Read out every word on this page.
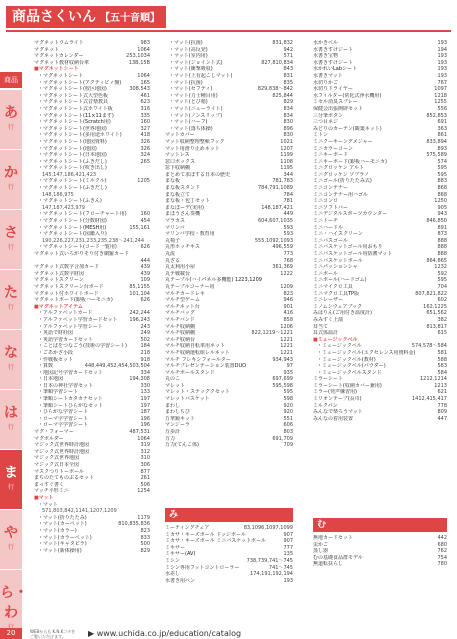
商品さくいん 【五十音順】
商品
あ
行
か
行
さ
行
た
行
な
行
は
行
ま
行
や
行
ら・わ
マグネットウムライト	983
マグネット	1064
マグネットカレンダー	253,1034
マグネット教材収納台車	13B,15B
■マグネットシート
・マグネットシート	1064
・マグネットシート(アクティビィ盤)	165
・マグネットシート(校区地図)	308,543
・マグネットシート式大型色板	461
・マグネットシート式音楽教具	623
・マグネットシート式ホワイト板	316
・マグネットシート(11×11ます)	335
・マグネットシート(Scratch用)	160
・マグネットシート(世界地図)	327
・マグネットシート(多用途ホワイト)	418
・マグネットシート(地図資料)	326
・マグネットシート(地図)	326
・マグネットシート(日本地図)	324
・マグネットシート(ふきだし)	265
・マグネットシート(吹き出し)
145,147,186,421,423
・マグネットシート(ミルクル)	1205
・マグネットシート(ふきだし)
148,186,975
・マグネットシート(ふきん)
147,187,423,979
・マグネットシート(フローチャート用)	160
・マグネットシート(分数財図)	454
・マグネットシート(MESH用)	155,161
・マグネットシート(図鑑入り)
190,226,227,231,233,235,238〜241,244
・マグネットシート(コード一覧用)	626
マグネット式いろがりそり付き網羅カード
444
マグネット式数字合加カード	439
マグネット式数字財図	439
マグネットスクリーン	109
マグネットスクリーン台ボード	85,1155
マグネット付ホワイトボード	101,104
マグネットボード(銀板ハーモニカ)	626
■マグネットアイテム
・アルファベットカード	242,244
・アルファベット学習カードセット	196,243
・アルファベット学習シート	243
・英語で財経図	249
・英語学習カードセット	502
・ことばをつなごう(技術の学習シート)	184
・ごあかざ小段	218
・作戦板セット	918
・算数	448,449,452,454,503,504
・地図記号学習カードセット	334
・日本地図	194,308
・日本の神社学習セット	330
・筆順学習シート	133
・筆順シートカタカナセット	197
・筆順シートひらがなセット	197
・ひらがな学習シート	187
・ローマ字学習シート	196
・ローマ字学習シート	196
マグ・フォーマー	487,531
マグボルダー	1064
マジック式世界時計地図	319
マジック式世界時計地図	312
マジック式世界地図	310
マジック式日本全図	306
マスクつりトーボール	877
まちのたてものぶるセット	261
まっすぐ書く	506
マッチ平形ミニ	1254
■マット
・マット
571,803,842,1141,1207,1209
・マット(折りたたみ)	1179
・マット(カーペット)	810,835,836
・マット(カラー)	823
・マット(カラーベット)	833
・マット(キャタピラ)	500
・マット(新体操用)	829
・マット(抗菌)	831,832
・マット(高反発)	942
・マット(室内用)	571
・マット(ジョイント式)	827,810,834
・マット(衝撃吸収)	843
・マット(上有起こしマット)	831
・マット(抗菌)	835
・マット(セフティ)	829,838〜842
・マット(力士種目用)	825,844
・マット(とび箱)	829
・マット(ニューライト)	834
・マット(ノンスリップ)	834
・マット(ハーフ)	830
・マット(落ち体操)	896
マットカバー	830
マット収納整理整頓フック	1021
マット用滑り止めネット	1207
マットレス	1199
窓口ボックス	1108
窓下収納棚	1195
まとめて求ぼする日本の歴史	344
まな板	781,783
まな板スタンド	784,791,1089
まな板立て	784
まな板・包丁セット	781
まなぼーデ(実用)	148,187,421
まほうさん奏機	449
マラカス	604,607,1035
マリンバ	593
マリンバ学校・教育用	593
丸椅子	555,1092,1093
丸形ホッチキス	496,559
丸流	773
丸ざる	768
丸太利用小屋	361,369
丸テ戦載台	1222
丸テーブル(ハイパネル多機能) 1223,1209
丸テーブルコーナー用	1209
マルチカードレキ	823
マルチ型ゲーム	946
マルチネット台	901
マルチバッグ	416
マルチバンド	858
マルチ収納棚	1206
マルチ収納棚	822,1219〜1221
マルチ収納台	1221
マルチ収納自転車用ネット	1221
マルチ収納運転組レルネット	1221
マルチ フレキシフォールター	934,943
マルチプレゼンテーション装置DUO	97
マルチポールスタンド	935
丸のこ	697,699
マレット	595,598
マレット・ステッククセット	595
マレットバスケット	598
まわし	920
まわしちび	920
万華鏡キット	551
マンジーラ	606
万歩計	803
万力	691,709
万力(てんこ体)	709
水かきベル	193
水書きすけジート	194
水書き宝物	193
水書きすけジート	193
水かれいLabシート	193
水書きマット	193
水切りかご	767
水切りドライヤー	1097
水フィルター(常化式浄水機用)	1218
ミセル消臭スプレー	1255
保健会出張開辟セット	556
三分筆ボタン	852,853
三つ目ネジ	691
みどりのカーテン(観葉ネット)	363
ミトン	861
ミニクーキーングメジャー	833,894
ミニカラーコーン	893
ミニキーボード	575,589
ミニキーボード(銀板ハーモニカ)	574
ミニグロッケン アルト	595
ミニグロッケン ソプラノ	595
ミニゴール(折りたたみ式)	883
ミニコンテナー	868
ミニコンテナー用ハゴル	868
ミニコンロ	1250
ミニソフトバー	905
ミニデジタルスポーツカウンター	943
ミニトーチ	846,850
ミニハードル	891
ミニ・ハイスクリーン	873
ミニバスゴール	888
ミニバスケットゴール用おもり	888
ミニバスケットゴール用防護マット	888
ミニバスケットボール	864,865
ミニパッションシャ	1232
ミニボール	592
ミニボール(ハードゴム)	595
ミニマイクロ工具	704
ミニマクロ工具TP版	807,821,822
ミニレーザー	602
ミノムシウェアブック	162,1225
みはりん(ご用付き温度計)	651,562
みみずく上演	382
耳当て	813,817
耳式体温計	615
■ミュージックベル
・ミュージックベル	574,578〜584
・ミュージックベル(エクセレンス用資料金)	581
・ミュージックベル(教材)	588
・ミュージックベル(パウダー)	583
・ミュージックベルスタンド	584
ミラーシート	1212,1214
ミラーシート(収納カバー兼用)	1213
ミラー(発声練習用)	621
ミリオンテープ(長巾)	1412,415,417
ミルクパン	778
みんなで楽ろうマット	809
みんなの着用装置	447
み
ミーティングチェア	83,1096,1097,1099
ミカサ・キーズボール ドッジボール	907
ミカサ・キーズボール ミニバスケットボール	907
ミキサー	777
ミキサー(AV)	135
ミシン	738,739,741〜745
ミシン専用フットコントローラー	741〜745
水差し	174,191,192,194
水書き用ペン	193
む
無地カードセット	442
虫かご	680
蒸し器	762
むの基礎食品群モデル	754
無道転扶らし	780
20	WEBからも K.N.Kコタを
ご覧いただけます。	▶ www.uchida.co.jp/education/catalog
